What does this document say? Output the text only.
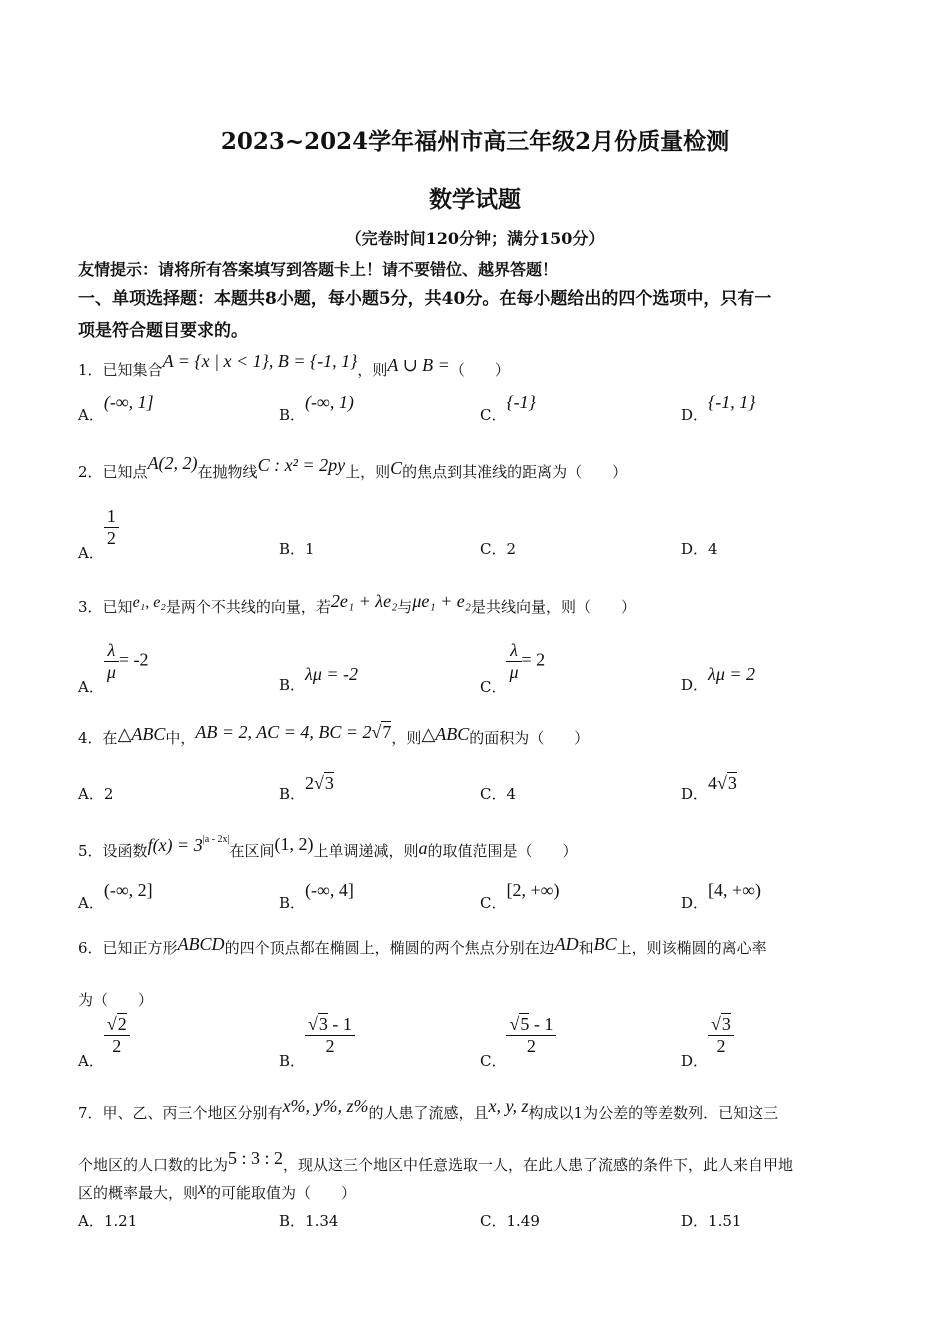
2023~2024学年福州市高三年级2月份质量检测
数学试题
（完卷时间120分钟；满分150分）
友情提示：请将所有答案填写到答题卡上！请不要错位、越界答题！
一、单项选择题：本题共8小题，每小题5分，共40分。在每小题给出的四个选项中，只有一
项是符合题目要求的。
1．已知集合A = {x | x < 1}, B = {-1, 1}，则A ∪ B =（　　）
A．(-∞, 1]
B．(-∞, 1)
C．{-1}
D．{-1, 1}
2．已知点A(2, 2)在抛物线C : x² = 2py上，则C的焦点到其准线的距离为（　　）
A．
$\frac{1}{2}$	B．1	C．2	D．4
3．已知e₁, e₂是两个不共线的向量，若2e₁ + λe₂与μe₁ + e₂是共线向量，则（　　）
A．
$\frac{\lambda}{\mu} = -2$
B．λμ = -2
C．
$\frac{\lambda}{\mu} = 2$
D．λμ = 2
4．在△ABC中，AB = 2, AC = 4, BC = 2√7，则△ABC的面积为（　　）
A．2	B．2√3
C．4	D．4√3
5．设函数$f(x) = 3^{|a - 2x|}$在区间(1, 2)上单调递减，则a的取值范围是（　　）
A．(-∞, 2]
B．(-∞, 4]
C．[2, +∞)
D．[4, +∞)
6．已知正方形ABCD的四个顶点都在椭圆上，椭圆的两个焦点分别在边AD和BC上，则该椭圆的离心率
为（　　）
A．
$\frac{√2}{2}$
B．
$\frac{√3 - 1}{2}$
C．
$\frac{√5 - 1}{2}$
D．
$\frac{√3}{2}$
7．甲、乙、丙三个地区分别有x%, y%, z%的人患了流感，且x, y, z构成以1为公差的等差数列．已知这三
个地区的人口数的比为5 : 3 : 2，现从这三个地区中任意选取一人，在此人患了流感的条件下，此人来自甲地
区的概率最大，则x的可能取值为（　　）
A．1.21	B．1.34	C．1.49	D．1.51
